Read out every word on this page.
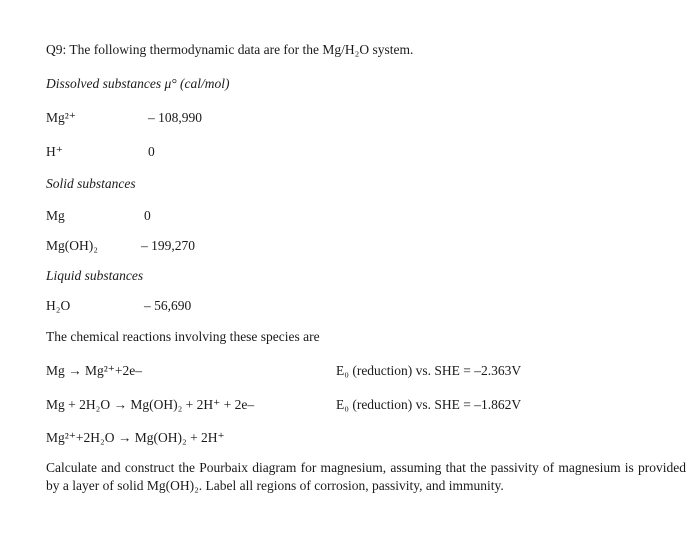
Q9: The following thermodynamic data are for the Mg/H₂O system.
Dissolved substances μ° (cal/mol)
Mg²⁺	– 108,990
H⁺	0
Solid substances
Mg	0
Mg(OH)₂	– 199,270
Liquid substances
H₂O	– 56,690
The chemical reactions involving these species are
Mg → Mg²⁺+2e–	E₀ (reduction) vs. SHE = –2.363V
Mg + 2H₂O → Mg(OH)₂ + 2H⁺ + 2e–	E₀ (reduction) vs. SHE = –1.862V
Mg²⁺+2H₂O → Mg(OH)₂ + 2H⁺
Calculate and construct the Pourbaix diagram for magnesium, assuming that the passivity of magnesium is provided by a layer of solid Mg(OH)₂. Label all regions of corrosion, passivity, and immunity.
